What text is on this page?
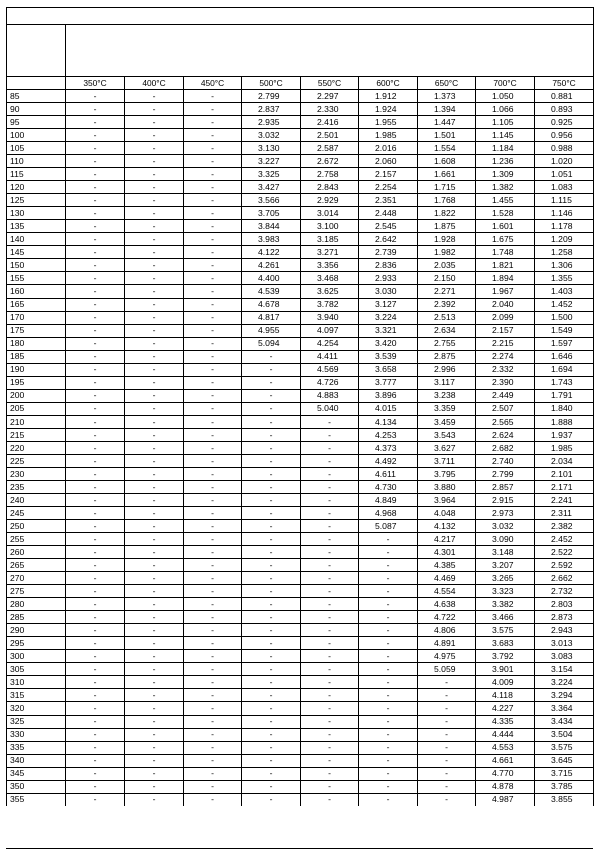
	350°C	400°C	450°C	500°C	550°C	600°C	650°C	700°C	750°C
85	-	-	-	2.799	2.297	1.912	1.373	1.050	0.881
90	-	-	-	2.837	2.330	1.924	1.394	1.066	0.893
95	-	-	-	2.935	2.416	1.955	1.447	1.105	0.925
100	-	-	-	3.032	2.501	1.985	1.501	1.145	0.956
105	-	-	-	3.130	2.587	2.016	1.554	1.184	0.988
110	-	-	-	3.227	2.672	2.060	1.608	1.236	1.020
115	-	-	-	3.325	2.758	2.157	1.661	1.309	1.051
120	-	-	-	3.427	2.843	2.254	1.715	1.382	1.083
125	-	-	-	3.566	2.929	2.351	1.768	1.455	1.115
130	-	-	-	3.705	3.014	2.448	1.822	1.528	1.146
135	-	-	-	3.844	3.100	2.545	1.875	1.601	1.178
140	-	-	-	3.983	3.185	2.642	1.928	1.675	1.209
145	-	-	-	4.122	3.271	2.739	1.982	1.748	1.258
150	-	-	-	4.261	3.356	2.836	2.035	1.821	1.306
155	-	-	-	4.400	3.468	2.933	2.150	1.894	1.355
160	-	-	-	4.539	3.625	3.030	2.271	1.967	1.403
165	-	-	-	4.678	3.782	3.127	2.392	2.040	1.452
170	-	-	-	4.817	3.940	3.224	2.513	2.099	1.500
175	-	-	-	4.955	4.097	3.321	2.634	2.157	1.549
180	-	-	-	5.094	4.254	3.420	2.755	2.215	1.597
185	-	-	-	-	4.411	3.539	2.875	2.274	1.646
190	-	-	-	-	4.569	3.658	2.996	2.332	1.694
195	-	-	-	-	4.726	3.777	3.117	2.390	1.743
200	-	-	-	-	4.883	3.896	3.238	2.449	1.791
205	-	-	-	-	5.040	4.015	3.359	2.507	1.840
210	-	-	-	-	-	4.134	3.459	2.565	1.888
215	-	-	-	-	-	4.253	3.543	2.624	1.937
220	-	-	-	-	-	4.373	3.627	2.682	1.985
225	-	-	-	-	-	4.492	3.711	2.740	2.034
230	-	-	-	-	-	4.611	3.795	2.799	2.101
235	-	-	-	-	-	4.730	3.880	2.857	2.171
240	-	-	-	-	-	4.849	3.964	2.915	2.241
245	-	-	-	-	-	4.968	4.048	2.973	2.311
250	-	-	-	-	-	5.087	4.132	3.032	2.382
255	-	-	-	-	-	-	4.217	3.090	2.452
260	-	-	-	-	-	-	4.301	3.148	2.522
265	-	-	-	-	-	-	4.385	3.207	2.592
270	-	-	-	-	-	-	4.469	3.265	2.662
275	-	-	-	-	-	-	4.554	3.323	2.732
280	-	-	-	-	-	-	4.638	3.382	2.803
285	-	-	-	-	-	-	4.722	3.466	2.873
290	-	-	-	-	-	-	4.806	3.575	2.943
295	-	-	-	-	-	-	4.891	3.683	3.013
300	-	-	-	-	-	-	4.975	3.792	3.083
305	-	-	-	-	-	-	5.059	3.901	3.154
310	-	-	-	-	-	-	-	4.009	3.224
315	-	-	-	-	-	-	-	4.118	3.294
320	-	-	-	-	-	-	-	4.227	3.364
325	-	-	-	-	-	-	-	4.335	3.434
330	-	-	-	-	-	-	-	4.444	3.504
335	-	-	-	-	-	-	-	4.553	3.575
340	-	-	-	-	-	-	-	4.661	3.645
345	-	-	-	-	-	-	-	4.770	3.715
350	-	-	-	-	-	-	-	4.878	3.785
355	-	-	-	-	-	-	-	4.987	3.855
